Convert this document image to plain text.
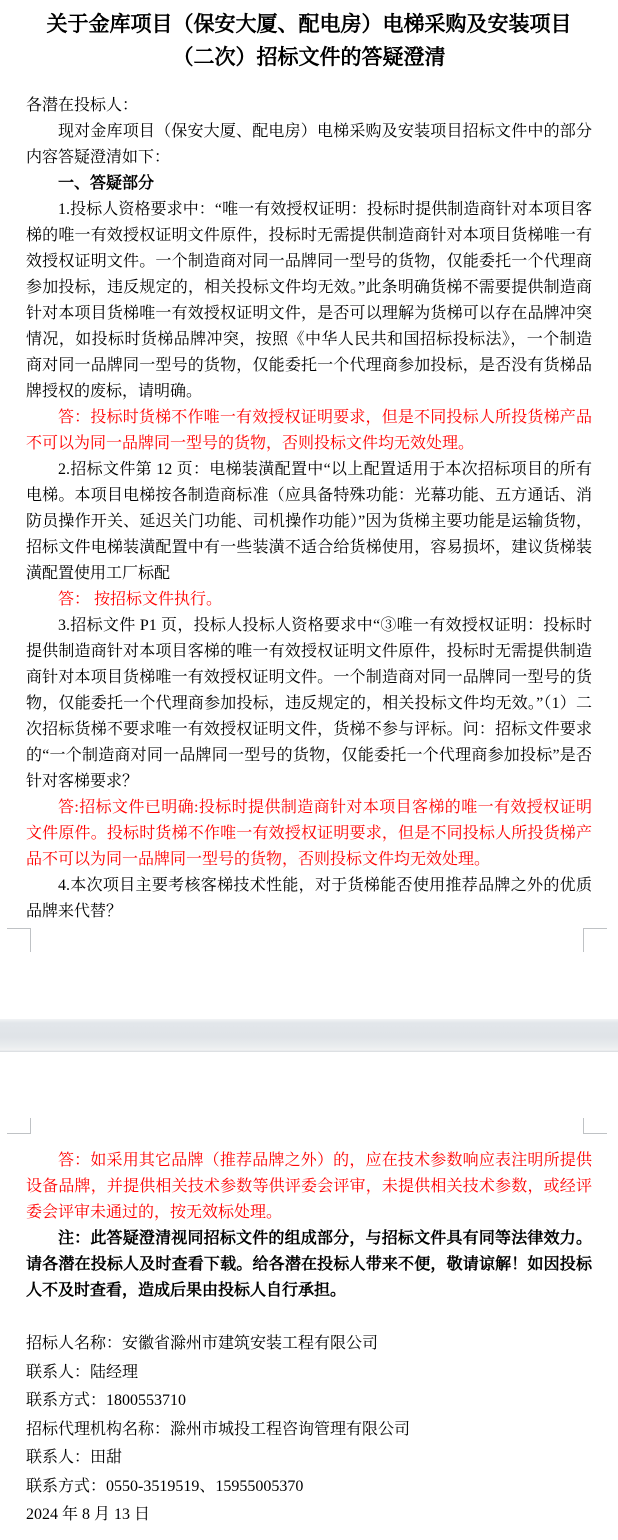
关于金库项目（保安大厦、配电房）电梯采购及安装项目（二次）招标文件的答疑澄清

各潜在投标人：

现对金库项目（保安大厦、配电房）电梯采购及安装项目招标文件中的部分内容答疑澄清如下：

一、答疑部分

1.投标人资格要求中：“唯一有效授权证明：投标时提供制造商针对本项目客梯的唯一有效授权证明文件原件，投标时无需提供制造商针对本项目货梯唯一有效授权证明文件。一个制造商对同一品牌同一型号的货物，仅能委托一个代理商参加投标，违反规定的，相关投标文件均无效。”此条明确货梯不需要提供制造商针对本项目货梯唯一有效授权证明文件，是否可以理解为货梯可以存在品牌冲突情况，如投标时货梯品牌冲突，按照《中华人民共和国招标投标法》，一个制造商对同一品牌同一型号的货物，仅能委托一个代理商参加投标，是否没有货梯品牌授权的废标，请明确。

答：投标时货梯不作唯一有效授权证明要求，但是不同投标人所投货梯产品不可以为同一品牌同一型号的货物，否则投标文件均无效处理。

2.招标文件第 12 页：电梯装潢配置中“以上配置适用于本次招标项目的所有电梯。本项目电梯按各制造商标准（应具备特殊功能：光幕功能、五方通话、消防员操作开关、延迟关门功能、司机操作功能）”因为货梯主要功能是运输货物，招标文件电梯装潢配置中有一些装潢不适合给货梯使用，容易损坏，建议货梯装潢配置使用工厂标配

答： 按招标文件执行。

3.招标文件 P1 页，投标人投标人资格要求中“③唯一有效授权证明：投标时提供制造商针对本项目客梯的唯一有效授权证明文件原件，投标时无需提供制造商针对本项目货梯唯一有效授权证明文件。一个制造商对同一品牌同一型号的货物，仅能委托一个代理商参加投标，违反规定的，相关投标文件均无效。”（1）二次招标货梯不要求唯一有效授权证明文件，货梯不参与评标。问：招标文件要求的“一个制造商对同一品牌同一型号的货物，仅能委托一个代理商参加投标”是否针对客梯要求？

答:招标文件已明确:投标时提供制造商针对本项目客梯的唯一有效授权证明文件原件。投标时货梯不作唯一有效授权证明要求，但是不同投标人所投货梯产品不可以为同一品牌同一型号的货物，否则投标文件均无效处理。

4.本次项目主要考核客梯技术性能，对于货梯能否使用推荐品牌之外的优质品牌来代替？

答：如采用其它品牌（推荐品牌之外）的，应在技术参数响应表注明所提供设备品牌，并提供相关技术参数等供评委会评审，未提供相关技术参数，或经评委会评审未通过的，按无效标处理。

注：此答疑澄清视同招标文件的组成部分，与招标文件具有同等法律效力。请各潜在投标人及时查看下载。给各潜在投标人带来不便，敬请谅解！如因投标人不及时查看，造成后果由投标人自行承担。

招标人名称：安徽省滁州市建筑安装工程有限公司

联系人：陆经理

联系方式：1800553710

招标代理机构名称：滁州市城投工程咨询管理有限公司

联系人：田甜

联系方式：0550-3519519、15955005370

2024 年 8 月 13 日
